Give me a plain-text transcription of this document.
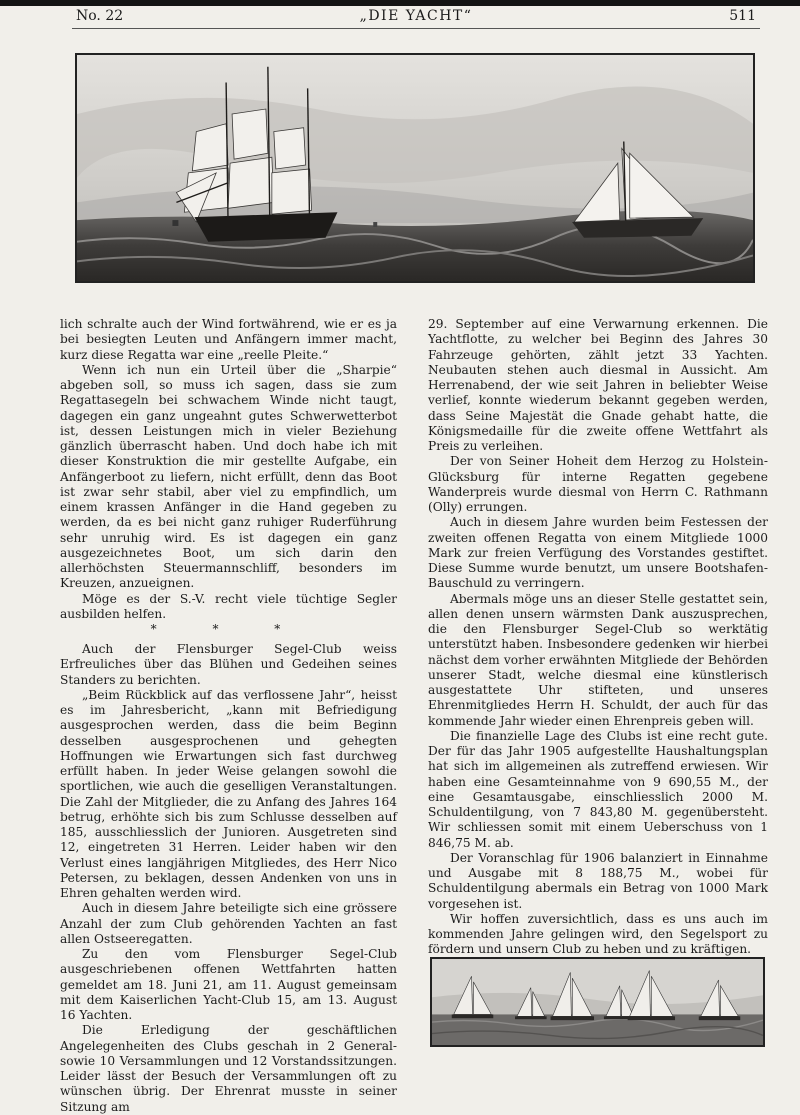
No. 22	„DIE YACHT“	511

lich schralte auch der Wind fortwährend, wie er es ja bei besiegten Leuten und Anfängern immer macht, kurz diese Regatta war eine „reelle Pleite.“

Wenn ich nun ein Urteil über die „Sharpie“ abgeben soll, so muss ich sagen, dass sie zum Regattasegeln bei schwachem Winde nicht taugt, dagegen ein ganz ungeahnt gutes Schwerwetterbot ist, dessen Leistungen mich in vieler Beziehung gänzlich überrascht haben. Und doch habe ich mit dieser Konstruktion die mir gestellte Aufgabe, ein Anfängerboot zu liefern, nicht erfüllt, denn das Boot ist zwar sehr stabil, aber viel zu empfindlich, um einem krassen Anfänger in die Hand gegeben zu werden, da es bei nicht ganz ruhiger Ruderführung sehr unruhig wird. Es ist dagegen ein ganz ausgezeichnetes Boot, um sich darin den allerhöchsten Steuermannschliff, besonders im Kreuzen, anzueignen.

Möge es der S.-V. recht viele tüchtige Segler ausbilden helfen.

* * *

Auch der Flensburger Segel-Club weiss Erfreuliches über das Blühen und Gedeihen seines Standers zu berichten.

„Beim Rückblick auf das verflossene Jahr“, heisst es im Jahresbericht, „kann mit Befriedigung ausgesprochen werden, dass die beim Beginn desselben ausgesprochenen und gehegten Hoffnungen wie Erwartungen sich fast durchweg erfüllt haben. In jeder Weise gelangen sowohl die sportlichen, wie auch die geselligen Veranstaltungen. Die Zahl der Mitglieder, die zu Anfang des Jahres 164 betrug, erhöhte sich bis zum Schlusse desselben auf 185, ausschliesslich der Junioren. Ausgetreten sind 12, eingetreten 31 Herren. Leider haben wir den Verlust eines langjährigen Mitgliedes, des Herr Nico Petersen, zu beklagen, dessen Andenken von uns in Ehren gehalten werden wird.

Auch in diesem Jahre beteiligte sich eine grössere Anzahl der zum Club gehörenden Yachten an fast allen Ostseeregatten.

Zu den vom Flensburger Segel-Club ausgeschriebenen offenen Wettfahrten hatten gemeldet am 18. Juni 21, am 11. August gemeinsam mit dem Kaiserlichen Yacht-Club 15, am 13. August 16 Yachten.

Die Erledigung der geschäftlichen Angelegenheiten des Clubs geschah in 2 General- sowie 10 Versammlungen und 12 Vorstandssitzungen. Leider lässt der Besuch der Versammlungen oft zu wünschen übrig. Der Ehrenrat musste in seiner Sitzung am

29. September auf eine Verwarnung erkennen. Die Yachtflotte, zu welcher bei Beginn des Jahres 30 Fahrzeuge gehörten, zählt jetzt 33 Yachten. Neubauten stehen auch diesmal in Aussicht. Am Herrenabend, der wie seit Jahren in beliebter Weise verlief, konnte wiederum bekannt gegeben werden, dass Seine Majestät die Gnade gehabt hatte, die Königsmedaille für die zweite offene Wettfahrt als Preis zu verleihen.

Der von Seiner Hoheit dem Herzog zu Holstein-Glücksburg für interne Regatten gegebene Wanderpreis wurde diesmal von Herrn C. Rathmann (Olly) errungen.

Auch in diesem Jahre wurden beim Festessen der zweiten offenen Regatta von einem Mitgliede 1000 Mark zur freien Verfügung des Vorstandes gestiftet. Diese Summe wurde benutzt, um unsere Bootshafen-Bauschuld zu verringern.

Abermals möge uns an dieser Stelle gestattet sein, allen denen unsern wärmsten Dank auszusprechen, die den Flensburger Segel-Club so werktätig unterstützt haben. Insbesondere gedenken wir hierbei nächst dem vorher erwähnten Mitgliede der Behörden unserer Stadt, welche diesmal eine künstlerisch ausgestattete Uhr stifteten, und unseres Ehrenmitgliedes Herrn H. Schuldt, der auch für das kommende Jahr wieder einen Ehrenpreis geben will.

Die finanzielle Lage des Clubs ist eine recht gute. Der für das Jahr 1905 aufgestellte Haushaltungsplan hat sich im allgemeinen als zutreffend erwiesen. Wir haben eine Gesamteinnahme von 9 690,55 M., der eine Gesamtausgabe, einschliesslich 2000 M. Schuldentilgung, von 7 843,80 M. gegenübersteht. Wir schliessen somit mit einem Ueberschuss von 1 846,75 M. ab.

Der Voranschlag für 1906 balanziert in Einnahme und Ausgabe mit 8 188,75 M., wobei für Schuldentilgung abermals ein Betrag von 1000 Mark vorgesehen ist.

Wir hoffen zuversichtlich, dass es uns auch im kommenden Jahre gelingen wird, den Segelsport zu fördern und unsern Club zu heben und zu kräftigen.
